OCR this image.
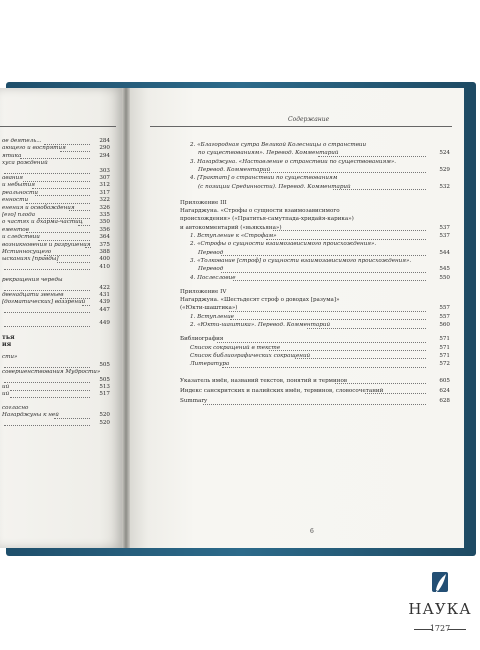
Содержание
ое деятель...	284
ающего и воспрятия	290
ятика	294
хуса рождений
303
авания	307
и небытия	312
реальности	317
енности	322
енения и освобождения	326
[его] плода	335
о частях и дхарма-частиц	350
ементов	356
и следствии	364
возникновения и разрушения	375
Истинносущего	388
ысканиях [правды]	400
410
рекращения череды
422
двенадцати звеньев	431
[догматических] воззрений	439
447
449
тья
ия
сти»
505
совершенствования Мудрости»
505
ий	513
ий	517
согласно
Нагарджуны к ней	520
520
2. «Благородная сутра Великой Колесницы о странствии
по существованиям». Перевод. Комментарий	524
3. Нагарджуна. «Наставление о странствии по существованиям».
Перевод. Комментарий	529
4. [Трактат] о странствии по существованиям
(с позиции Срединности). Перевод. Комментарий	532
Приложение III
Нагарджуна. «Строфы о сущности взаимозависимого
происхождения» («Пратитья-самутпада-хридайя-карика»)
и автокомментарий («вьякхьяна»)	537
1. Вступление к «Строфам»	537
2. «Строфы о сущности взаимозависимого происхождения».
Перевод	544
3. «Толкование [строф] о сущности взаимозависимого происхождения».
Перевод	545
4. Послесловие	550
Приложение IV
Нагарджуна. «Шестьдесят строф о доводах [разума]»
(«Юкти-шаштика»)	557
1. Вступление	557
2. «Юкти-шаштика». Перевод. Комментарий	560
Библиография	571
Список сокращений в тексте	571
Список библиографических сокращений	571
Литература	572
Указатель имён, названий текстов, понятий и терминов	605
Индекс санскритских и палийских имён, терминов, словосочетаний	624
Summary	628
6
НАУКА
1727
